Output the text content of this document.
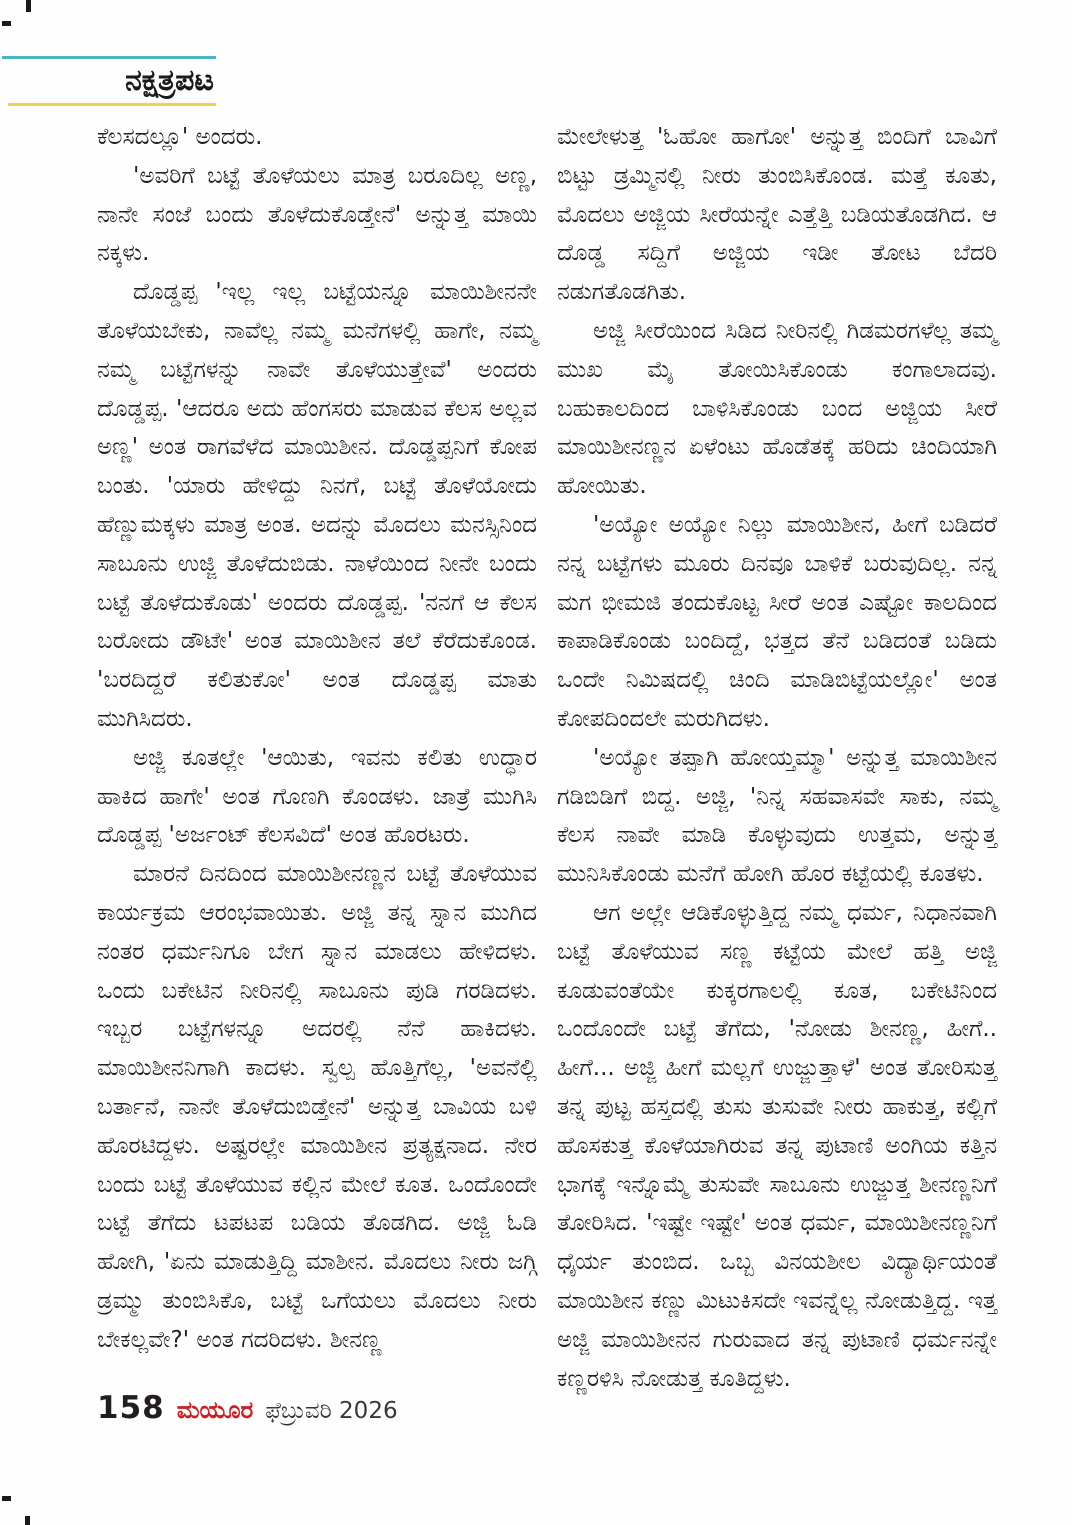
ನಕ್ಷತ್ರಪಟ

ಕೆಲಸದಲ್ಲೂ' ಅಂದರು.

'ಅವರಿಗೆ ಬಟ್ಟೆ ತೊಳೆಯಲು ಮಾತ್ರ ಬರೂದಿಲ್ಲ ಅಣ್ಣ, ನಾನೇ ಸಂಜೆ ಬಂದು ತೊಳೆದುಕೊಡ್ತೇನೆ' ಅನ್ನುತ್ತ ಮಾಯಿ ನಕ್ಕಳು.

ದೊಡ್ಡಪ್ಪ 'ಇಲ್ಲ ಇಲ್ಲ ಬಟ್ಟೆಯನ್ನೂ ಮಾಯಿಶೀನನೇ ತೊಳೆಯಬೇಕು, ನಾವೆಲ್ಲ ನಮ್ಮ ಮನೆಗಳಲ್ಲಿ ಹಾಗೇ, ನಮ್ಮ ನಮ್ಮ ಬಟ್ಟೆಗಳನ್ನು ನಾವೇ ತೊಳೆಯುತ್ತೇವೆ' ಅಂದರು ದೊಡ್ಡಪ್ಪ. 'ಆದರೂ ಅದು ಹೆಂಗಸರು ಮಾಡುವ ಕೆಲಸ ಅಲ್ಲವ ಅಣ್ಣ' ಅಂತ ರಾಗವೆಳೆದ ಮಾಯಿಶೀನ. ದೊಡ್ಡಪ್ಪನಿಗೆ ಕೋಪ ಬಂತು. 'ಯಾರು ಹೇಳಿದ್ದು ನಿನಗೆ, ಬಟ್ಟೆ ತೊಳೆಯೋದು ಹೆಣ್ಣುಮಕ್ಕಳು ಮಾತ್ರ ಅಂತ. ಅದನ್ನು ಮೊದಲು ಮನಸ್ಸಿನಿಂದ ಸಾಬೂನು ಉಜ್ಜಿ ತೊಳೆದುಬಿಡು. ನಾಳೆಯಿಂದ ನೀನೇ ಬಂದು ಬಟ್ಟೆ ತೊಳೆದುಕೊಡು' ಅಂದರು ದೊಡ್ಡಪ್ಪ. 'ನನಗೆ ಆ ಕೆಲಸ ಬರೋದು ಡೌಟೇ' ಅಂತ ಮಾಯಿಶೀನ ತಲೆ ಕೆರೆದುಕೊಂಡ. 'ಬರದಿದ್ದರೆ ಕಲಿತುಕೋ' ಅಂತ ದೊಡ್ಡಪ್ಪ ಮಾತು ಮುಗಿಸಿದರು.

ಅಜ್ಜಿ ಕೂತಲ್ಲೇ 'ಆಯಿತು, ಇವನು ಕಲಿತು ಉದ್ಧಾರ ಹಾಕಿದ ಹಾಗೇ' ಅಂತ ಗೊಣಗಿ ಕೊಂಡಳು. ಜಾತ್ರೆ ಮುಗಿಸಿ ದೊಡ್ಡಪ್ಪ 'ಅರ್ಜಂಟ್ ಕೆಲಸವಿದೆ' ಅಂತ ಹೊರಟರು.

ಮಾರನೆ ದಿನದಿಂದ ಮಾಯಿಶೀನಣ್ಣನ ಬಟ್ಟೆ ತೊಳೆಯುವ ಕಾರ್ಯಕ್ರಮ ಆರಂಭವಾಯಿತು. ಅಜ್ಜಿ ತನ್ನ ಸ್ನಾನ ಮುಗಿದ ನಂತರ ಧರ್ಮನಿಗೂ ಬೇಗ ಸ್ನಾನ ಮಾಡಲು ಹೇಳಿದಳು. ಒಂದು ಬಕೇಟಿನ ನೀರಿನಲ್ಲಿ ಸಾಬೂನು ಪುಡಿ ಗರಡಿದಳು. ಇಬ್ಬರ ಬಟ್ಟೆಗಳನ್ನೂ ಅದರಲ್ಲಿ ನೆನೆ ಹಾಕಿದಳು. ಮಾಯಿಶೀನನಿಗಾಗಿ ಕಾದಳು. ಸ್ವಲ್ಪ ಹೊತ್ತಿಗೆಲ್ಲ, 'ಅವನೆಲ್ಲಿ ಬರ್ತಾನೆ, ನಾನೇ ತೊಳೆದುಬಿಡ್ತೇನೆ' ಅನ್ನುತ್ತ ಬಾವಿಯ ಬಳಿ ಹೊರಟಿದ್ದಳು. ಅಷ್ಟರಲ್ಲೇ ಮಾಯಿಶೀನ ಪ್ರತ್ಯಕ್ಷನಾದ. ನೇರ ಬಂದು ಬಟ್ಟೆ ತೊಳೆಯುವ ಕಲ್ಲಿನ ಮೇಲೆ ಕೂತ. ಒಂದೊಂದೇ ಬಟ್ಟೆ ತೆಗೆದು ಟಪಟಪ ಬಡಿಯ ತೊಡಗಿದ. ಅಜ್ಜಿ ಓಡಿ ಹೋಗಿ, 'ಏನು ಮಾಡುತ್ತಿದ್ದಿ ಮಾಶೀನ. ಮೊದಲು ನೀರು ಜಗ್ಗಿ ಡ್ರಮ್ಮು ತುಂಬಿಸಿಕೊ, ಬಟ್ಟೆ ಒಗೆಯಲು ಮೊದಲು ನೀರು ಬೇಕಲ್ಲವೇ?' ಅಂತ ಗದರಿದಳು. ಶೀನಣ್ಣ

ಮೇಲೇಳುತ್ತ 'ಓಹೋ ಹಾಗೋ' ಅನ್ನುತ್ತ ಬಿಂದಿಗೆ ಬಾವಿಗೆ ಬಿಟ್ಟು ಡ್ರಮ್ಮಿನಲ್ಲಿ ನೀರು ತುಂಬಿಸಿಕೊಂಡ. ಮತ್ತೆ ಕೂತು, ಮೊದಲು ಅಜ್ಜಿಯ ಸೀರೆಯನ್ನೇ ಎತ್ತೆತ್ತಿ ಬಡಿಯತೊಡಗಿದ. ಆ ದೊಡ್ಡ ಸದ್ದಿಗೆ ಅಜ್ಜಿಯ ಇಡೀ ತೋಟ ಬೆದರಿ ನಡುಗತೊಡಗಿತು.

ಅಜ್ಜಿ ಸೀರೆಯಿಂದ ಸಿಡಿದ ನೀರಿನಲ್ಲಿ ಗಿಡಮರಗಳೆಲ್ಲ ತಮ್ಮ ಮುಖ ಮೈ ತೋಯಿಸಿಕೊಂಡು ಕಂಗಾಲಾದವು. ಬಹುಕಾಲದಿಂದ ಬಾಳಿಸಿಕೊಂಡು ಬಂದ ಅಜ್ಜಿಯ ಸೀರೆ ಮಾಯಿಶೀನಣ್ಣನ ಏಳೆಂಟು ಹೊಡೆತಕ್ಕೆ ಹರಿದು ಚಿಂದಿಯಾಗಿ ಹೋಯಿತು.

'ಅಯ್ಯೋ ಅಯ್ಯೋ ನಿಲ್ಲು ಮಾಯಿಶೀನ, ಹೀಗೆ ಬಡಿದರೆ ನನ್ನ ಬಟ್ಟೆಗಳು ಮೂರು ದಿನವೂ ಬಾಳಿಕೆ ಬರುವುದಿಲ್ಲ. ನನ್ನ ಮಗ ಭೀಮಜಿ ತಂದುಕೊಟ್ಟ ಸೀರೆ ಅಂತ ಎಷ್ಟೋ ಕಾಲದಿಂದ ಕಾಪಾಡಿಕೊಂಡು ಬಂದಿದ್ದೆ, ಭತ್ತದ ತೆನೆ ಬಡಿದಂತೆ ಬಡಿದು ಒಂದೇ ನಿಮಿಷದಲ್ಲಿ ಚಿಂದಿ ಮಾಡಿಬಿಟ್ಟೆಯಲ್ಲೋ' ಅಂತ ಕೋಪದಿಂದಲೇ ಮರುಗಿದಳು.

'ಅಯ್ಯೋ ತಪ್ಪಾಗಿ ಹೋಯ್ತಮ್ಮಾ' ಅನ್ನುತ್ತ ಮಾಯಿಶೀನ ಗಡಿಬಿಡಿಗೆ ಬಿದ್ದ. ಅಜ್ಜಿ, 'ನಿನ್ನ ಸಹವಾಸವೇ ಸಾಕು, ನಮ್ಮ ಕೆಲಸ ನಾವೇ ಮಾಡಿ ಕೊಳ್ಳುವುದು ಉತ್ತಮ, ಅನ್ನುತ್ತ ಮುನಿಸಿಕೊಂಡು ಮನೆಗೆ ಹೋಗಿ ಹೊರ ಕಟ್ಟೆಯಲ್ಲಿ ಕೂತಳು.

ಆಗ ಅಲ್ಲೇ ಆಡಿಕೊಳ್ಳುತ್ತಿದ್ದ ನಮ್ಮ ಧರ್ಮ, ನಿಧಾನವಾಗಿ ಬಟ್ಟೆ ತೊಳೆಯುವ ಸಣ್ಣ ಕಟ್ಟೆಯ ಮೇಲೆ ಹತ್ತಿ ಅಜ್ಜಿ ಕೂಡುವಂತೆಯೇ ಕುಕ್ಕರಗಾಲಲ್ಲಿ ಕೂತ, ಬಕೇಟಿನಿಂದ ಒಂದೊಂದೇ ಬಟ್ಟೆ ತೆಗೆದು, 'ನೋಡು ಶೀನಣ್ಣ, ಹೀಗೆ.. ಹೀಗೆ... ಅಜ್ಜಿ ಹೀಗೆ ಮಲ್ಲಗೆ ಉಜ್ಜುತ್ತಾಳೆ' ಅಂತ ತೋರಿಸುತ್ತ ತನ್ನ ಪುಟ್ಟ ಹಸ್ತದಲ್ಲಿ ತುಸು ತುಸುವೇ ನೀರು ಹಾಕುತ್ತ, ಕಲ್ಲಿಗೆ ಹೊಸಕುತ್ತ ಕೊಳೆಯಾಗಿರುವ ತನ್ನ ಪುಟಾಣಿ ಅಂಗಿಯ ಕತ್ತಿನ ಭಾಗಕ್ಕೆ ಇನ್ನೊಮ್ಮೆ ತುಸುವೇ ಸಾಬೂನು ಉಜ್ಜುತ್ತ ಶೀನಣ್ಣನಿಗೆ ತೋರಿಸಿದ. 'ಇಷ್ಟೇ ಇಷ್ಟೇ' ಅಂತ ಧರ್ಮ, ಮಾಯಿಶೀನಣ್ಣನಿಗೆ ಧೈರ್ಯ ತುಂಬಿದ. ಒಬ್ಬ ವಿನಯಶೀಲ ವಿದ್ಯಾರ್ಥಿಯಂತೆ ಮಾಯಿಶೀನ ಕಣ್ಣು ಮಿಟುಕಿಸದೇ ಇವನ್ನೆಲ್ಲ ನೋಡುತ್ತಿದ್ದ. ಇತ್ತ ಅಜ್ಜಿ ಮಾಯಿಶೀನನ ಗುರುವಾದ ತನ್ನ ಪುಟಾಣಿ ಧರ್ಮನನ್ನೇ ಕಣ್ಣರಳಿಸಿ ನೋಡುತ್ತ ಕೂತಿದ್ದಳು.

158 ಮಯೂರ ಫೆಬ್ರುವರಿ 2026
